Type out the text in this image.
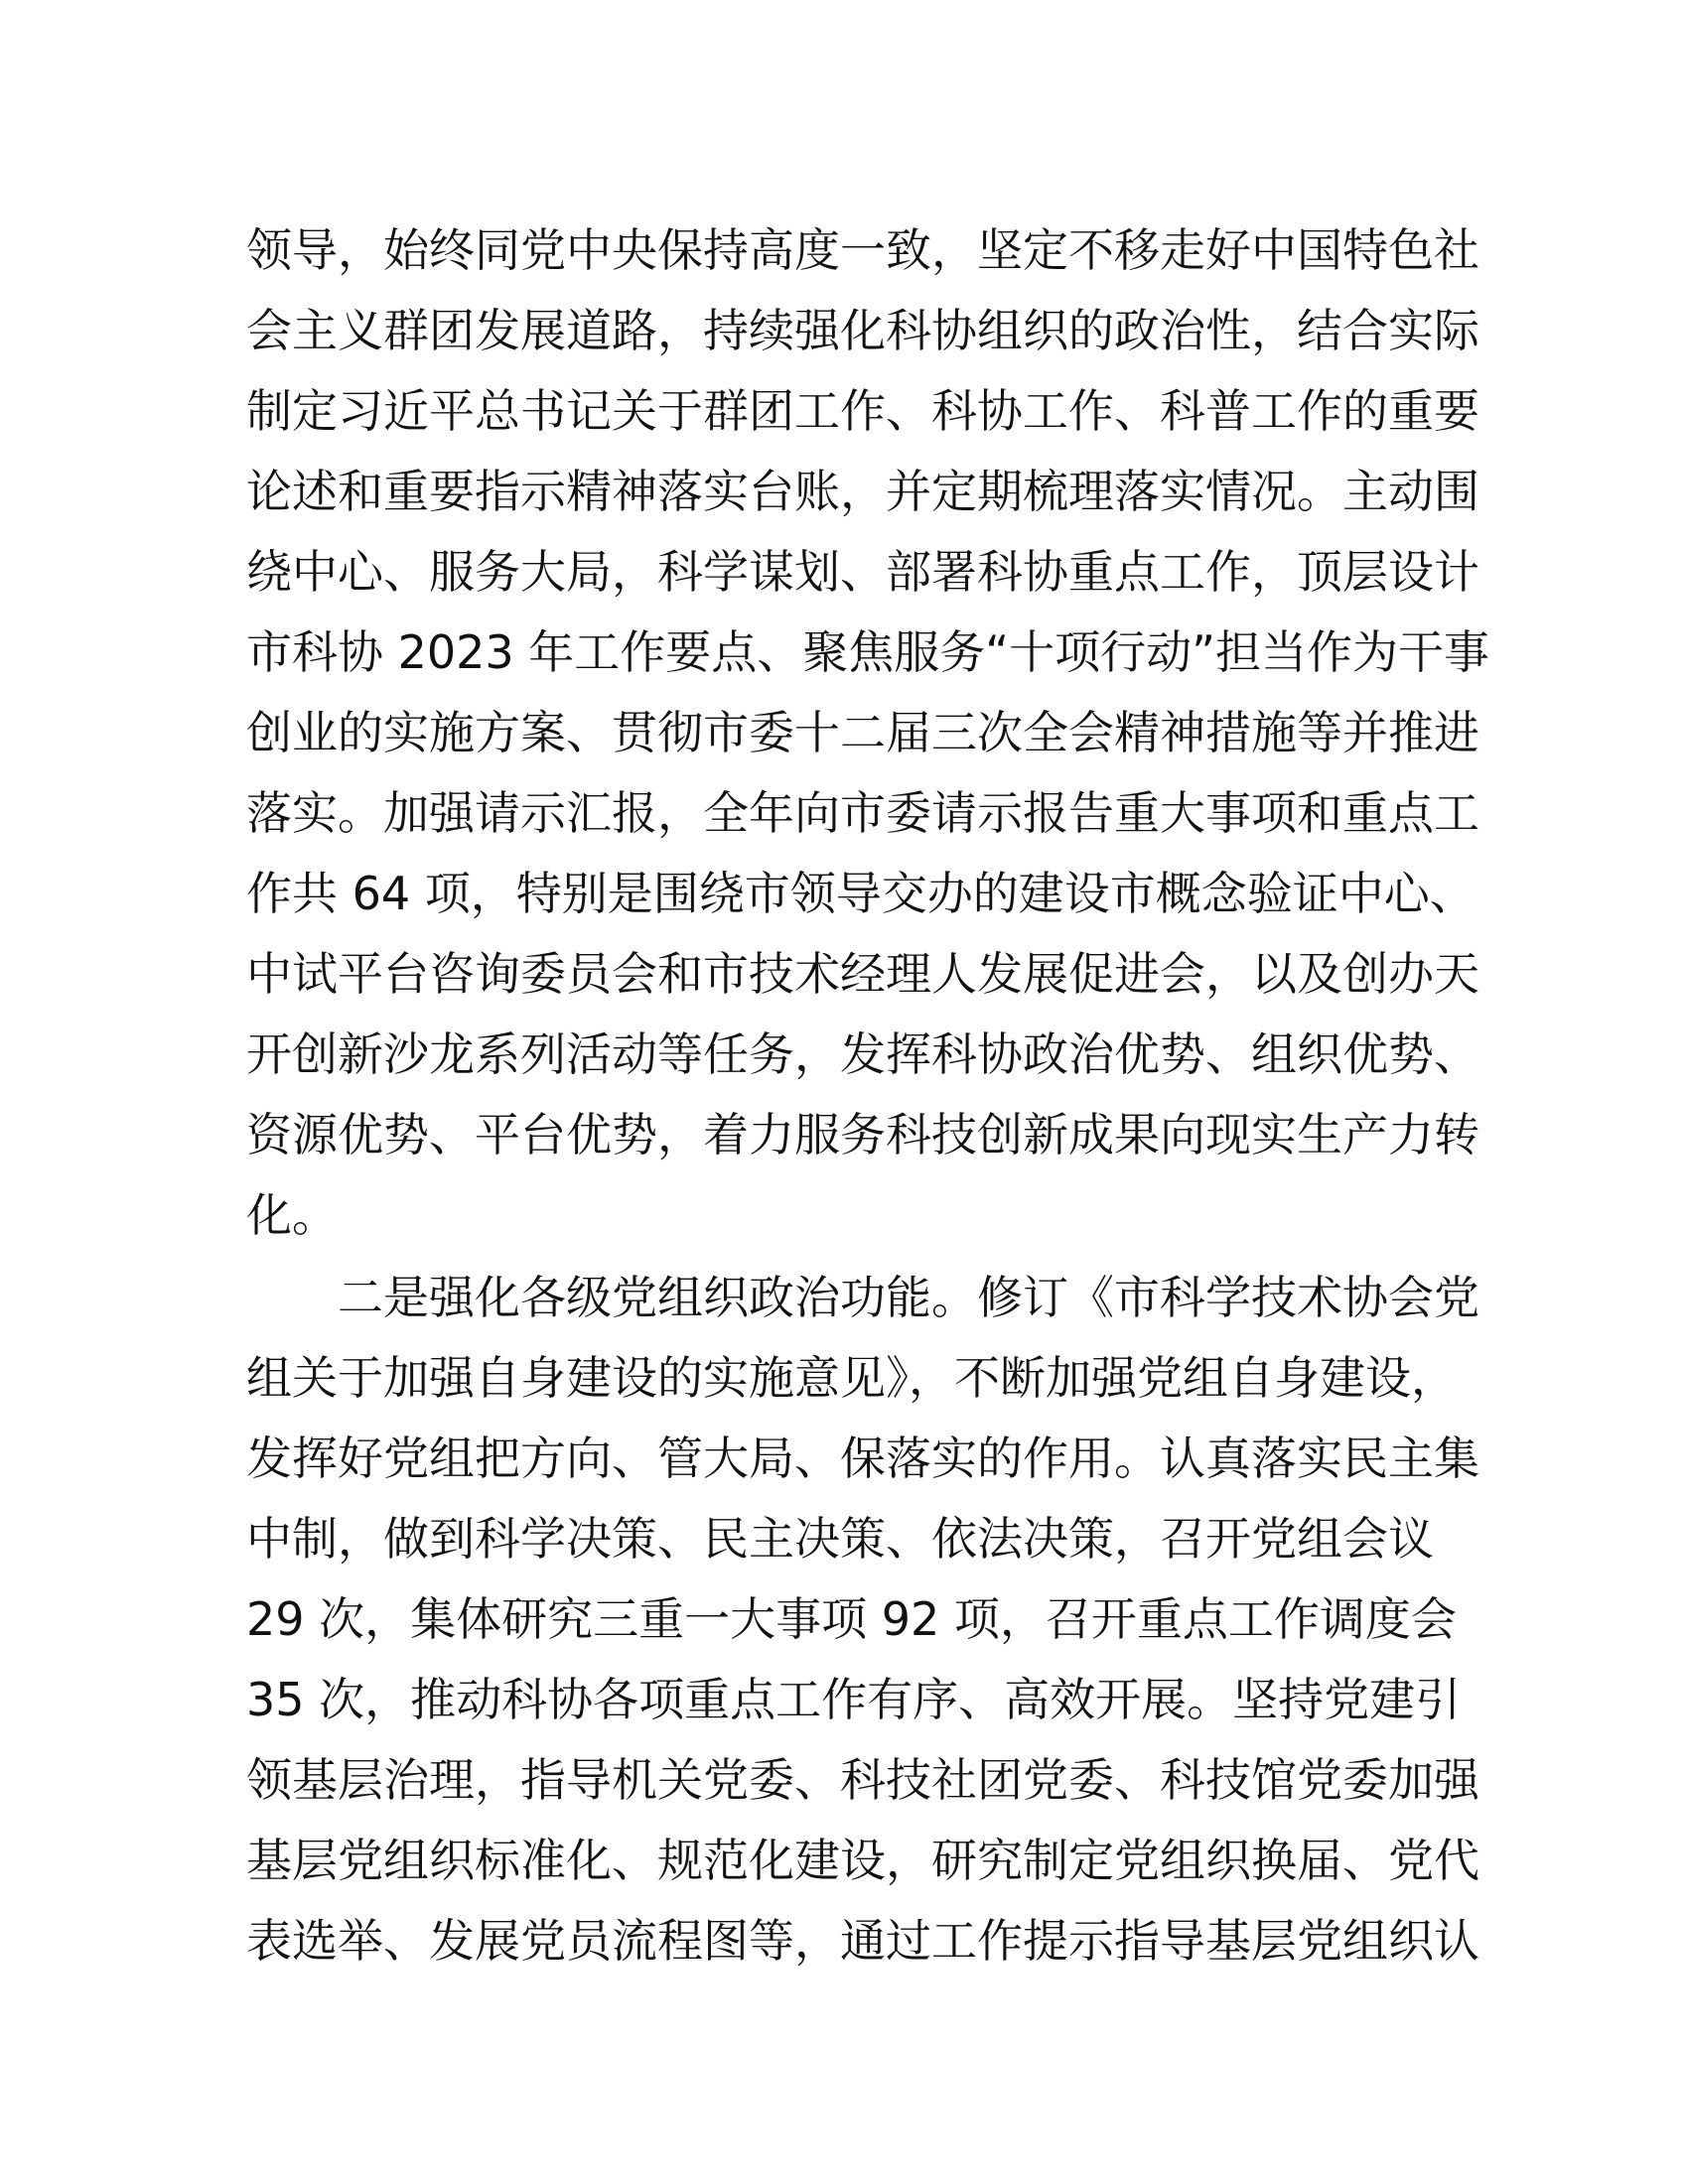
领导，始终同党中央保持高度一致，坚定不移走好中国特色社
会主义群团发展道路，持续强化科协组织的政治性，结合实际
制定习近平总书记关于群团工作、科协工作、科普工作的重要
论述和重要指示精神落实台账，并定期梳理落实情况。主动围
绕中心、服务大局，科学谋划、部署科协重点工作，顶层设计
市科协 2023 年工作要点、聚焦服务“十项行动”担当作为干事
创业的实施方案、贯彻市委十二届三次全会精神措施等并推进
落实。加强请示汇报，全年向市委请示报告重大事项和重点工
作共 64 项，特别是围绕市领导交办的建设市概念验证中心、
中试平台咨询委员会和市技术经理人发展促进会，以及创办天
开创新沙龙系列活动等任务，发挥科协政治优势、组织优势、
资源优势、平台优势，着力服务科技创新成果向现实生产力转
化。
二是强化各级党组织政治功能。修订《市科学技术协会党
组关于加强自身建设的实施意见》，不断加强党组自身建设，
发挥好党组把方向、管大局、保落实的作用。认真落实民主集
中制，做到科学决策、民主决策、依法决策，召开党组会议
29 次，集体研究三重一大事项 92 项，召开重点工作调度会
35 次，推动科协各项重点工作有序、高效开展。坚持党建引
领基层治理，指导机关党委、科技社团党委、科技馆党委加强
基层党组织标准化、规范化建设，研究制定党组织换届、党代
表选举、发展党员流程图等，通过工作提示指导基层党组织认
